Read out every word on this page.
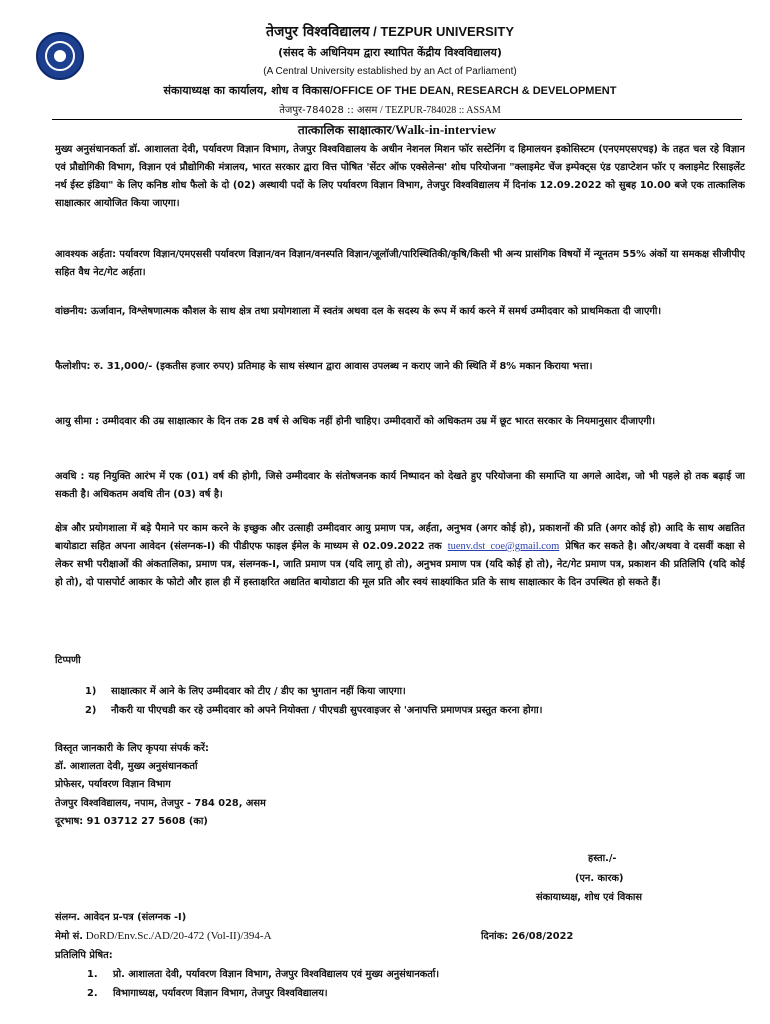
तेजपुर विश्वविद्यालय / TEZPUR UNIVERSITY
(संसद के अधिनियम द्वारा स्थापित केंद्रीय विश्वविद्यालय)
(A Central University established by an Act of Parliament)
संकायाध्यक्ष का कार्यालय, शोध व विकास/OFFICE OF THE DEAN, RESEARCH & DEVELOPMENT
तेजपुर-784028 :: असम / TEZPUR-784028 :: ASSAM
तात्कालिक साक्षात्कार/Walk-in-interview

मुख्य अनुसंधानकर्ता डॉ. आशालता देवी, पर्यावरण विज्ञान विभाग, तेजपुर विश्वविद्यालय के अधीन नेशनल मिशन फॉर सस्टेनिंग द हिमालयन इकोसिस्टम (एनएमएसएचइ) के तहत चल रहे विज्ञान एवं प्रौद्योगिकी विभाग, विज्ञान एवं प्रौद्योगिकी मंत्रालय, भारत सरकार द्वारा वित्त पोषित 'सेंटर ऑफ एक्सेलेन्स' शोध परियोजना "क्लाइमेट चेंज इम्पेक्ट्स एंड एडाप्टेशन फॉर ए क्लाइमेट रिसाइलेंट नर्थ ईस्ट इंडिया" के लिए कनिष्ठ शोध फैलो के दो (02) अस्थायी पदों के लिए पर्यावरण विज्ञान विभाग, तेजपुर विश्वविद्यालय में दिनांक 12.09.2022 को सुबह 10.00 बजे एक तात्कालिक साक्षात्कार आयोजित किया जाएगा।

आवश्यक अर्हता: पर्यावरण विज्ञान/एमएससी पर्यावरण विज्ञान/वन विज्ञान/वनस्पति विज्ञान/जूलॉजी/पारिस्थितिकी/कृषि/किसी भी अन्य प्रासंगिक विषयों में न्यूनतम 55% अंकों या समकक्ष सीजीपीए सहित वैध नेट/गेट अर्हता।

वांछनीय: ऊर्जावान, विश्लेषणात्मक कौशल के साथ क्षेत्र तथा प्रयोगशाला में स्वतंत्र अथवा दल के सदस्य के रूप में कार्य करने में समर्थ उम्मीदवार को प्राथमिकता दी जाएगी।

फैलोशीप: रु. 31,000/- (इकतीस हजार रुपए) प्रतिमाह के साथ संस्थान द्वारा आवास उपलब्ध न कराए जाने की स्थिति में 8% मकान किराया भत्ता।

आयु सीमा : उम्मीदवार की उम्र साक्षात्कार के दिन तक 28 वर्ष से अधिक नहीं होनी चाहिए। उम्मीदवारों को अधिकतम उम्र में छूट भारत सरकार के नियमानुसार दीजाएगी।

अवधि : यह नियुक्ति आरंभ में एक (01) वर्ष की होगी, जिसे उम्मीदवार के संतोषजनक कार्य निष्पादन को देखते हुए परियोजना की समाप्ति या अगले आदेश, जो भी पहले हो तक बढ़ाई जा सकती है। अधिकतम अवधि तीन (03) वर्ष है।

क्षेत्र और प्रयोगशाला में बड़े पैमाने पर काम करने के इच्छुक और उत्साही उम्मीदवार आयु प्रमाण पत्र, अर्हता, अनुभव (अगर कोई हो), प्रकाशनों की प्रति (अगर कोई हो) आदि के साथ अद्यतित बायोडाटा सहित अपना आवेदन (संलग्नक-I) की पीडीएफ फाइल ईमेल के माध्यम से 02.09.2022 तक tuenv.dst_coe@gmail.com प्रेषित कर सकते है। और/अथवा वे दसवीं कक्षा से लेकर सभी परीक्षाओं की अंकतालिका, प्रमाण पत्र, संलग्नक-I, जाति प्रमाण पत्र (यदि लागू हो तो), अनुभव प्रमाण पत्र (यदि कोई हो तो), नेट/गेट प्रमाण पत्र, प्रकाशन की प्रतिलिपि (यदि कोई हो तो), दो पासपोर्ट आकार के फोटो और हाल ही में हस्ताक्षरित अद्यतित बायोडाटा की मूल प्रति और स्वयं साक्ष्यांकित प्रति के साथ साक्षात्कार के दिन उपस्थित हो सकते हैं।

टिप्पणी
1) साक्षात्कार में आने के लिए उम्मीदवार को टीए / डीए का भुगतान नहीं किया जाएगा।
2) नौकरी या पीएचडी कर रहे उम्मीदवार को अपने नियोक्ता / पीएचडी सुपरवाइजर से 'अनापत्ति प्रमाणपत्र प्रस्तुत करना होगा।
विस्तृत जानकारी के लिए कृपया संपर्क करें:
डॉ. आशालता देवी, मुख्य अनुसंधानकर्ता
प्रोफेसर, पर्यावरण विज्ञान विभाग
तेजपुर विश्वविद्यालय, नपाम, तेजपुर - 784 028, असम
दूरभाष: 91 03712 27 5608 (का)
हस्ता./-
(एन. कारक)
संकायाध्यक्ष, शोध एवं विकास
संलग्न. आवेदन प्र-पत्र (संलग्नक -I)
मेमो सं. DoRD/Env.Sc./AD/20-472 (Vol-II)/394-A	दिनांक: 26/08/2022
प्रतिलिपि प्रेषित:
1. प्रो. आशालता देवी, पर्यावरण विज्ञान विभाग, तेजपुर विश्वविद्यालय एवं मुख्य अनुसंधानकर्ता।
2. विभागाध्यक्ष, पर्यावरण विज्ञान विभाग, तेजपुर विश्वविद्यालय।
